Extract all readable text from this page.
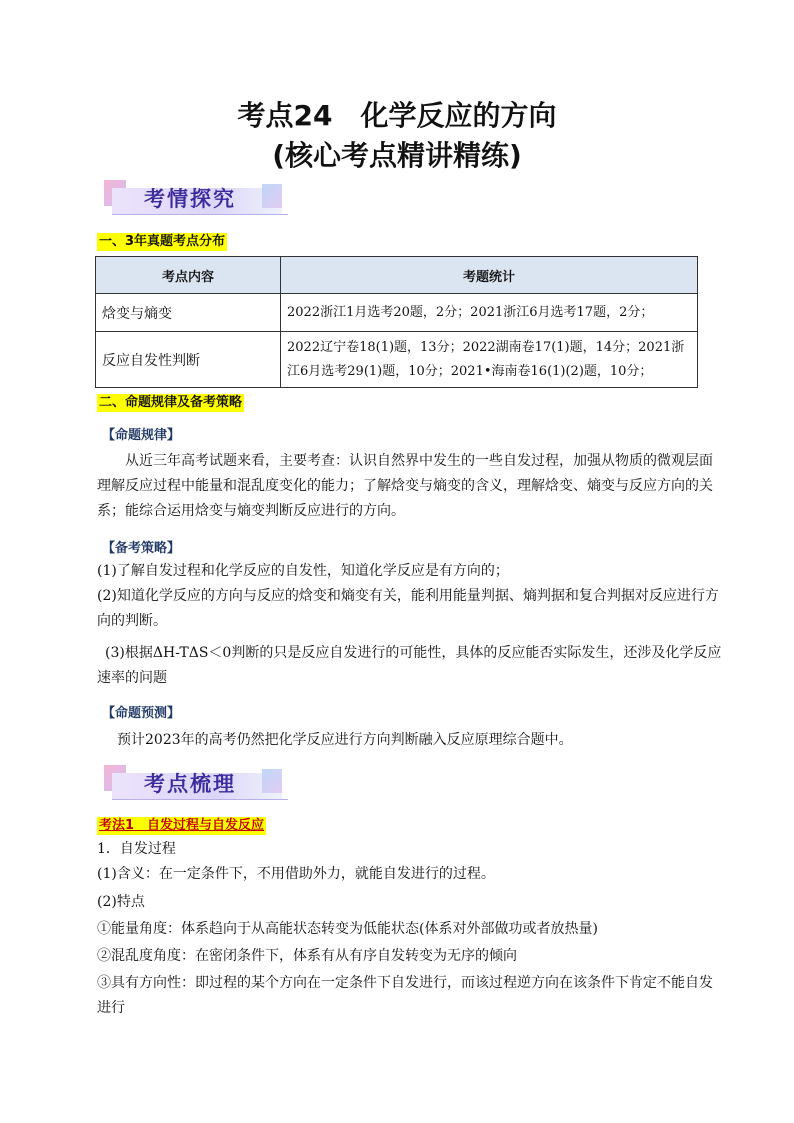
考点24　化学反应的方向
(核心考点精讲精练)
考情探究
一、3年真题考点分布
考点内容	考题统计
焓变与熵变	2022浙江1月选考20题，2分；2021浙江6月选考17题，2分；
反应自发性判断	2022辽宁卷18(1)题，13分；2022湖南卷17(1)题，14分；2021浙江6月选考29(1)题，10分；2021•海南卷16(1)(2)题，10分；
二、命题规律及备考策略
【命题规律】
从近三年高考试题来看，主要考查：认识自然界中发生的一些自发过程，加强从物质的微观层面理解反应过程中能量和混乱度变化的能力；了解焓变与熵变的含义，理解焓变、熵变与反应方向的关系；能综合运用焓变与熵变判断反应进行的方向。
【备考策略】
(1)了解自发过程和化学反应的自发性，知道化学反应是有方向的；
(2)知道化学反应的方向与反应的焓变和熵变有关，能利用能量判据、熵判据和复合判据对反应进行方向的判断。
(3)根据ΔH-TΔS＜0判断的只是反应自发进行的可能性，具体的反应能否实际发生，还涉及化学反应速率的问题
【命题预测】
预计2023年的高考仍然把化学反应进行方向判断融入反应原理综合题中。
考点梳理
考法1　自发过程与自发反应
1．自发过程
(1)含义：在一定条件下，不用借助外力，就能自发进行的过程。
(2)特点
①能量角度：体系趋向于从高能状态转变为低能状态(体系对外部做功或者放热量)
②混乱度角度：在密闭条件下，体系有从有序自发转变为无序的倾向
③具有方向性：即过程的某个方向在一定条件下自发进行，而该过程逆方向在该条件下肯定不能自发进行
